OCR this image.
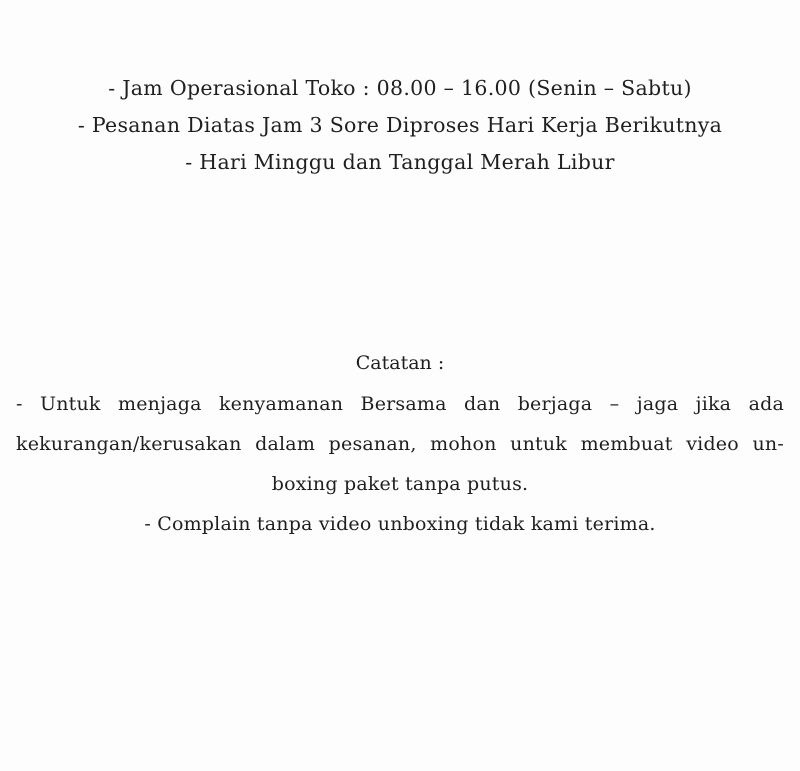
- Jam Operasional Toko : 08.00 – 16.00 (Senin – Sabtu)
- Pesanan Diatas Jam 3 Sore Diproses Hari Kerja Berikutnya
- Hari Minggu dan Tanggal Merah Libur
Catatan :
- Untuk menjaga kenyamanan Bersama dan berjaga – jaga jika ada kekurangan/kerusakan dalam pesanan, mohon untuk membuat video un-boxing paket tanpa putus.
- Complain tanpa video unboxing tidak kami terima.
